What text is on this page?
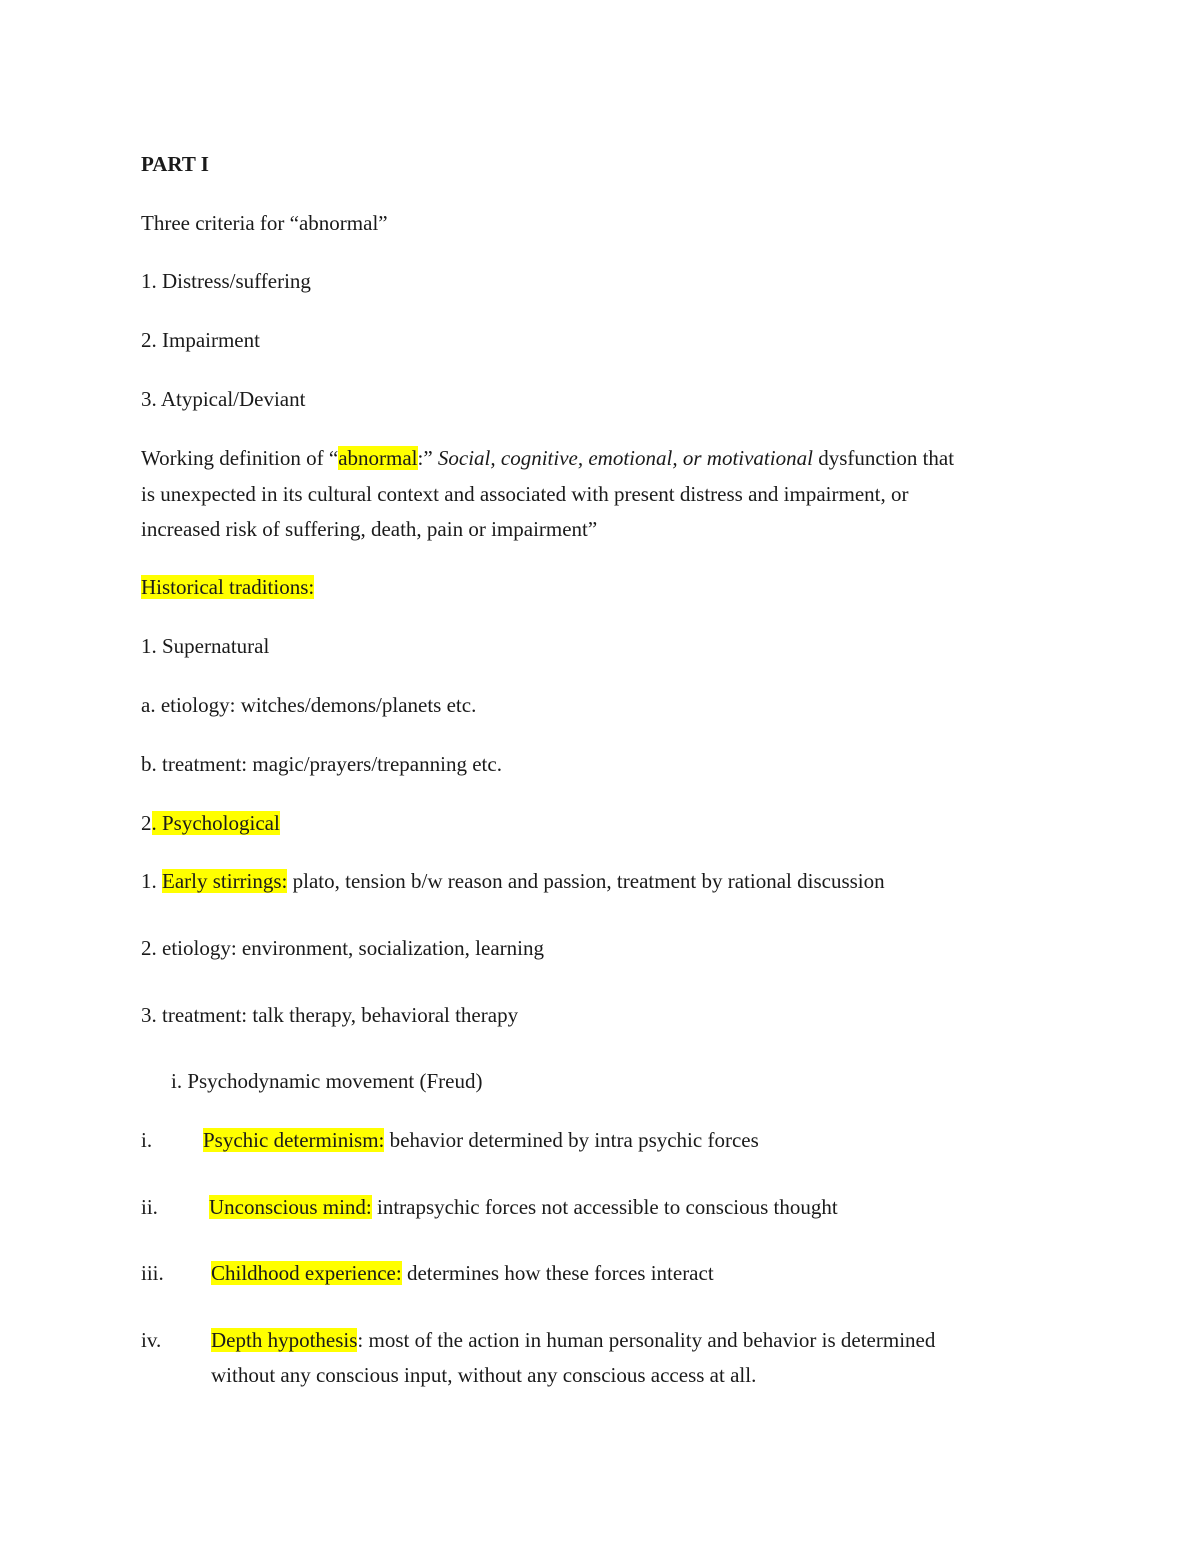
PART I
Three criteria for “abnormal”
1. Distress/suffering
2. Impairment
3. Atypical/Deviant
Working definition of “abnormal:” Social, cognitive, emotional, or motivational dysfunction that
is unexpected in its cultural context and associated with present distress and impairment, or
increased risk of suffering, death, pain or impairment”
Historical traditions:
1. Supernatural
a. etiology: witches/demons/planets etc.
b. treatment: magic/prayers/trepanning etc.
2. Psychological
1. Early stirrings: plato, tension b/w reason and passion, treatment by rational discussion
2. etiology: environment, socialization, learning
3. treatment: talk therapy, behavioral therapy
i. Psychodynamic movement (Freud)
i. Psychic determinism: behavior determined by intra psychic forces
ii. Unconscious mind: intrapsychic forces not accessible to conscious thought
iii. Childhood experience: determines how these forces interact
iv. Depth hypothesis: most of the action in human personality and behavior is determined
without any conscious input, without any conscious access at all.
